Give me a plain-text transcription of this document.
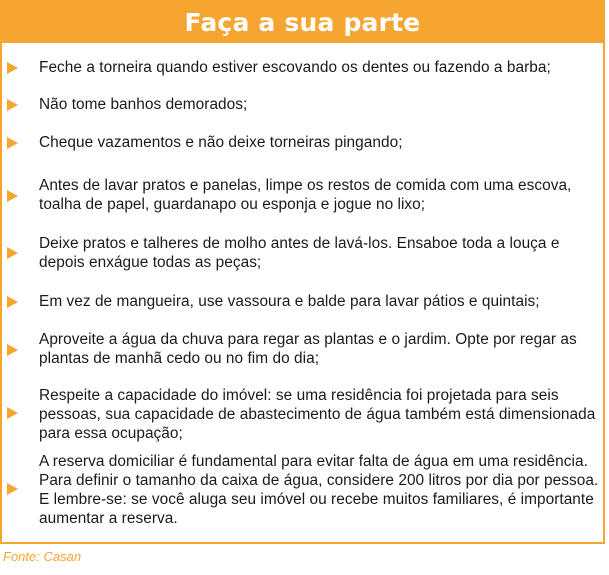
Faça a sua parte
Feche a torneira quando estiver escovando os dentes ou fazendo a barba;
Não tome banhos demorados;
Cheque vazamentos e não deixe torneiras pingando;
Antes de lavar pratos e panelas, limpe os restos de comida com uma escova, toalha de papel, guardanapo ou esponja e jogue no lixo;
Deixe pratos e talheres de molho antes de lavá-los. Ensaboe toda a louça e depois enxágue todas as peças;
Em vez de mangueira, use vassoura e balde para lavar pátios e quintais;
Aproveite a água da chuva para regar as plantas e o jardim. Opte por regar as plantas de manhã cedo ou no fim do dia;
Respeite a capacidade do imóvel: se uma residência foi projetada para seis pessoas, sua capacidade de abastecimento de água também está dimensionada para essa ocupação;
A reserva domiciliar é fundamental para evitar falta de água em uma residência. Para definir o tamanho da caixa de água, considere 200 litros por dia por pessoa. E lembre-se: se você aluga seu imóvel ou recebe muitos familiares, é importante aumentar a reserva.
Fonte: Casan
